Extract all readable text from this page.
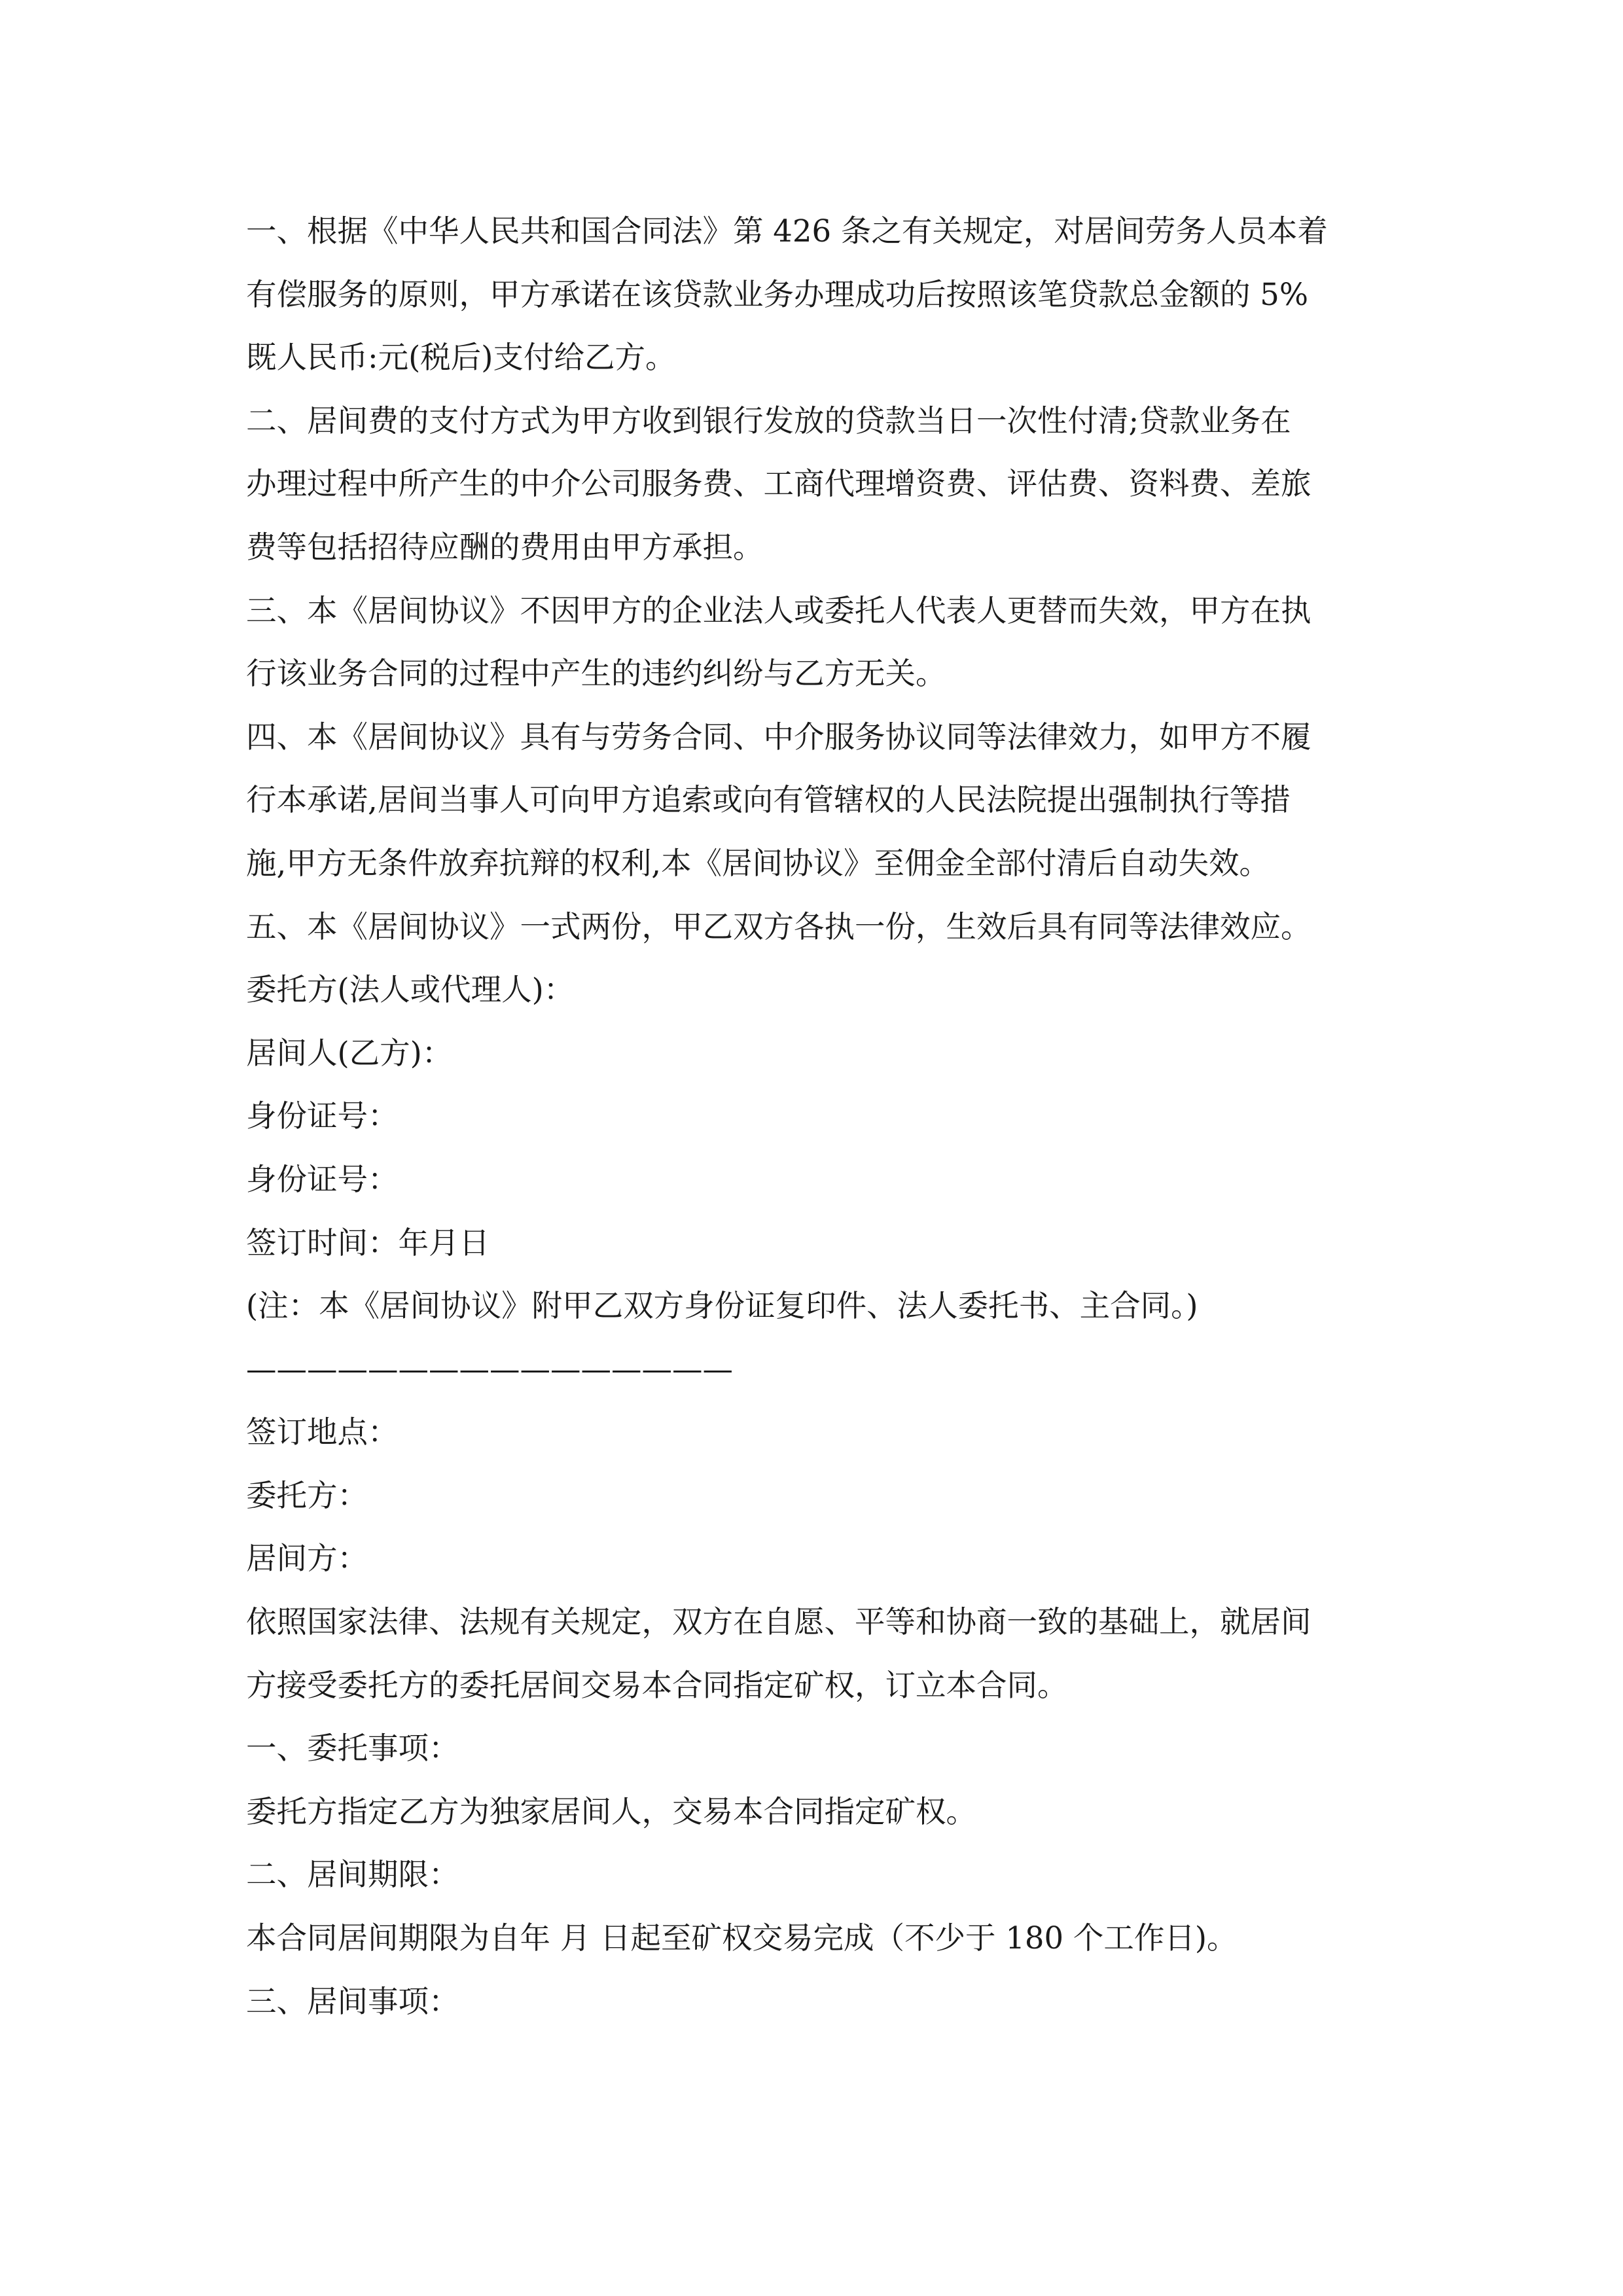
一、根据《中华人民共和国合同法》第 426 条之有关规定，对居间劳务人员本着
有偿服务的原则，甲方承诺在该贷款业务办理成功后按照该笔贷款总金额的 5%
既人民币:元(税后)支付给乙方。
二、居间费的支付方式为甲方收到银行发放的贷款当日一次性付清;贷款业务在
办理过程中所产生的中介公司服务费、工商代理增资费、评估费、资料费、差旅
费等包括招待应酬的费用由甲方承担。
三、本《居间协议》不因甲方的企业法人或委托人代表人更替而失效，甲方在执
行该业务合同的过程中产生的违约纠纷与乙方无关。
四、本《居间协议》具有与劳务合同、中介服务协议同等法律效力，如甲方不履
行本承诺,居间当事人可向甲方追索或向有管辖权的人民法院提出强制执行等措
施,甲方无条件放弃抗辩的权利,本《居间协议》至佣金全部付清后自动失效。
五、本《居间协议》一式两份，甲乙双方各执一份，生效后具有同等法律效应。
委托方(法人或代理人)：
居间人(乙方)：
身份证号：
身份证号：
签订时间：年月日
(注：本《居间协议》附甲乙双方身份证复印件、法人委托书、主合同。)
————————————————
签订地点：
委托方：
居间方：
依照国家法律、法规有关规定，双方在自愿、平等和协商一致的基础上，就居间
方接受委托方的委托居间交易本合同指定矿权，订立本合同。
一、委托事项：
委托方指定乙方为独家居间人，交易本合同指定矿权。
二、居间期限：
本合同居间期限为自年 月 日起至矿权交易完成（不少于 180 个工作日)。
三、居间事项：
